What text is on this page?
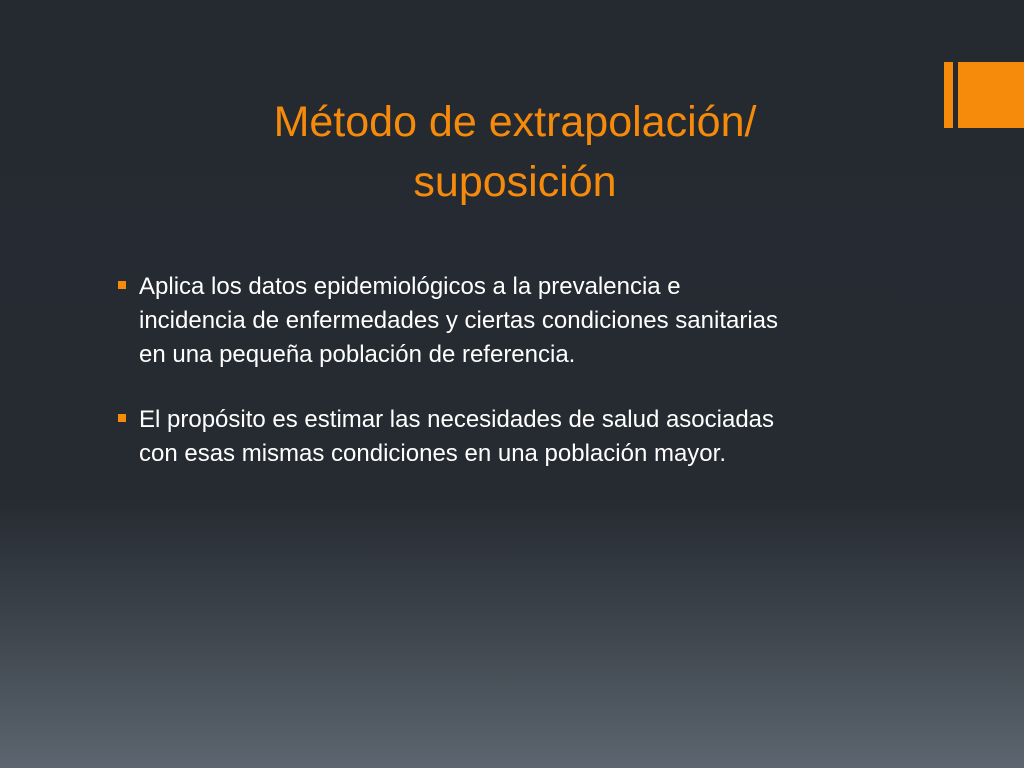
Método de extrapolación/
suposición
Aplica los datos epidemiológicos a la prevalencia e
incidencia de enfermedades y ciertas condiciones sanitarias
en una pequeña población de referencia.
El propósito es estimar las necesidades de salud asociadas
con esas mismas condiciones en una población mayor.
